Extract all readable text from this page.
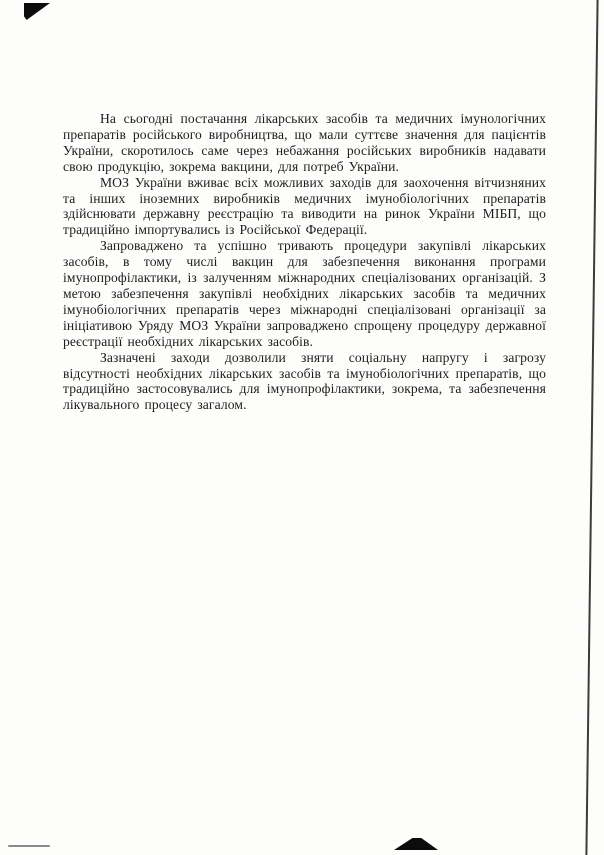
На сьогодні постачання лікарських засобів та медичних імунологічних препаратів російського виробництва, що мали суттєве значення для пацієнтів України, скоротилось саме через небажання російських виробників надавати свою продукцію, зокрема вакцини, для потреб України.

МОЗ України вживає всіх можливих заходів для заохочення вітчизняних та інших іноземних виробників медичних імунобіологічних препаратів здійснювати державну реєстрацію та виводити на ринок України МІБП, що традиційно імпортувались із Російської Федерації.

Запроваджено та успішно тривають процедури закупівлі лікарських засобів, в тому числі вакцин для забезпечення виконання програми імунопрофілактики, із залученням міжнародних спеціалізованих організацій. З метою забезпечення закупівлі необхідних лікарських засобів та медичних імунобіологічних препаратів через міжнародні спеціалізовані організації за ініціативою Уряду МОЗ України запроваджено спрощену процедуру державної реєстрації необхідних лікарських засобів.

Зазначені заходи дозволили зняти соціальну напругу і загрозу відсутності необхідних лікарських засобів та імунобіологічних препаратів, що традиційно застосовувались для імунопрофілактики, зокрема, та забезпечення лікувального процесу загалом.
